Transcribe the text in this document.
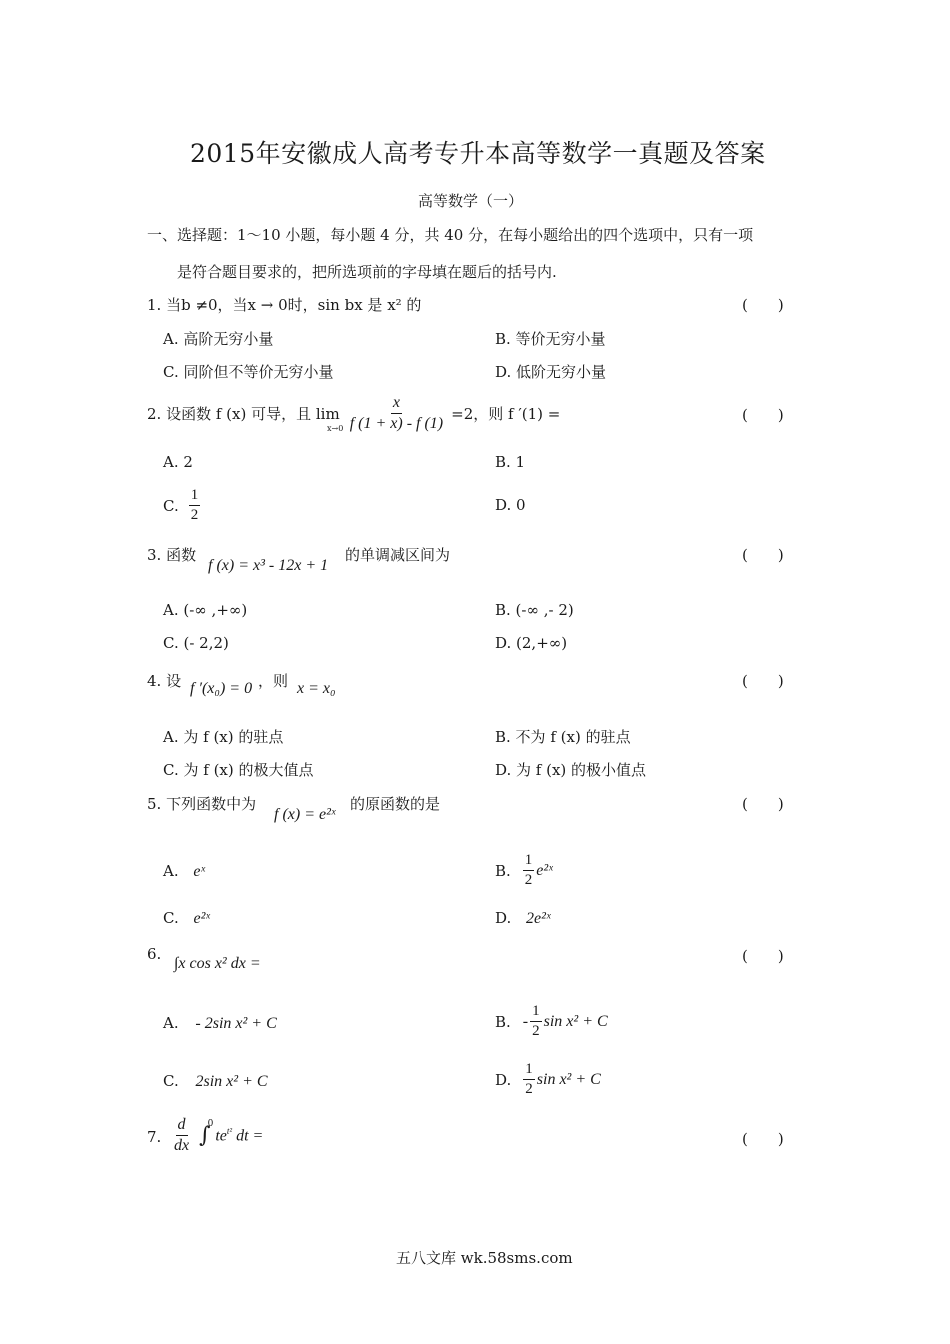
2015年安徽成人高考专升本高等数学一真题及答案
高等数学（一）
一、选择题：1～10 小题，每小题 4 分，共 40 分，在每小题给出的四个选项中，只有一项
是符合题目要求的，把所选项前的字母填在题后的括号内.
1. 当b ≠0，当x → 0时，sin bx 是 x² 的	(　　)
A. 高阶无穷小量	B. 等价无穷小量
C. 同阶但不等价无穷小量	D. 低阶无穷小量
2. 设函数 f (x) 可导，且 $\lim \frac{x}{f (1 + x) - f (1)} =2$，则 f ′(1) =
x→0
(　　)
A. 2	B. 1
C. $\frac{1}{2}$	D. 0
3. 函数
f (x) = x³ - 12x + 1
的单调减区间为	(　　)
A. (-∞ ,+∞)	B. (-∞ ,- 2)
C. (- 2,2)	D. (2,+∞)
4. 设 f ′(x₀) = 0 ，则 x = x₀	(　　)
A. 为 f (x) 的驻点	B. 不为 f (x) 的驻点
C. 为 f (x) 的极大值点	D. 为 f (x) 的极小值点
5. 下列函数中为
f (x) = e²ˣ
的原函数的是	(　　)
A. eˣ	B. $\frac{1}{2}$ e²ˣ
C. e²ˣ	D. 2e²ˣ
6.
∫x cos x² dx =	(　　)
A. - 2sin x² + C	B. - $\frac{1}{2}$ sin x² + C
C. 2sin x² + C	D. $\frac{1}{2}$ sin x² + C
7. $\frac{d}{dx}$ ∫
0
$te^{t^2}$ dt =	(　　)
五八文库 wk.58sms.com
